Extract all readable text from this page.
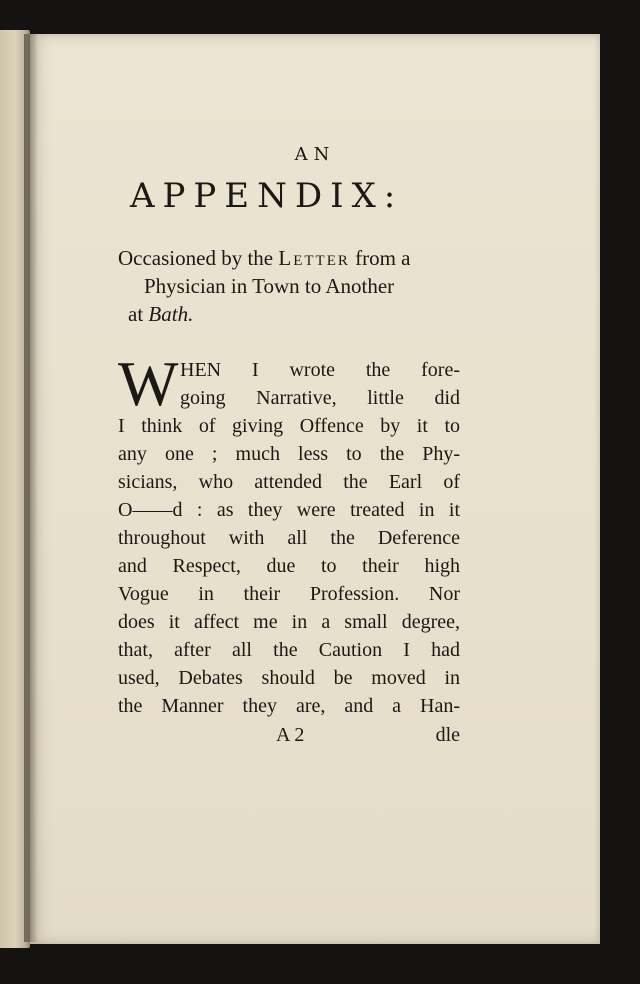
AN
APPENDIX:
Occasioned by the Letter from a
Physician in Town to Another
at Bath.
W HEN I wrote the fore-
going Narrative, little did
I think of giving Offence by it to
any one ; much less to the Phy-
sicians, who attended the Earl of
O——d : as they were treated in it
throughout with all the Deference
and Respect, due to their high
Vogue in their Profession. Nor
does it affect me in a small degree,
that, after all the Caution I had
used, Debates should be moved in
the Manner they are, and a Han-
A 2	dle
